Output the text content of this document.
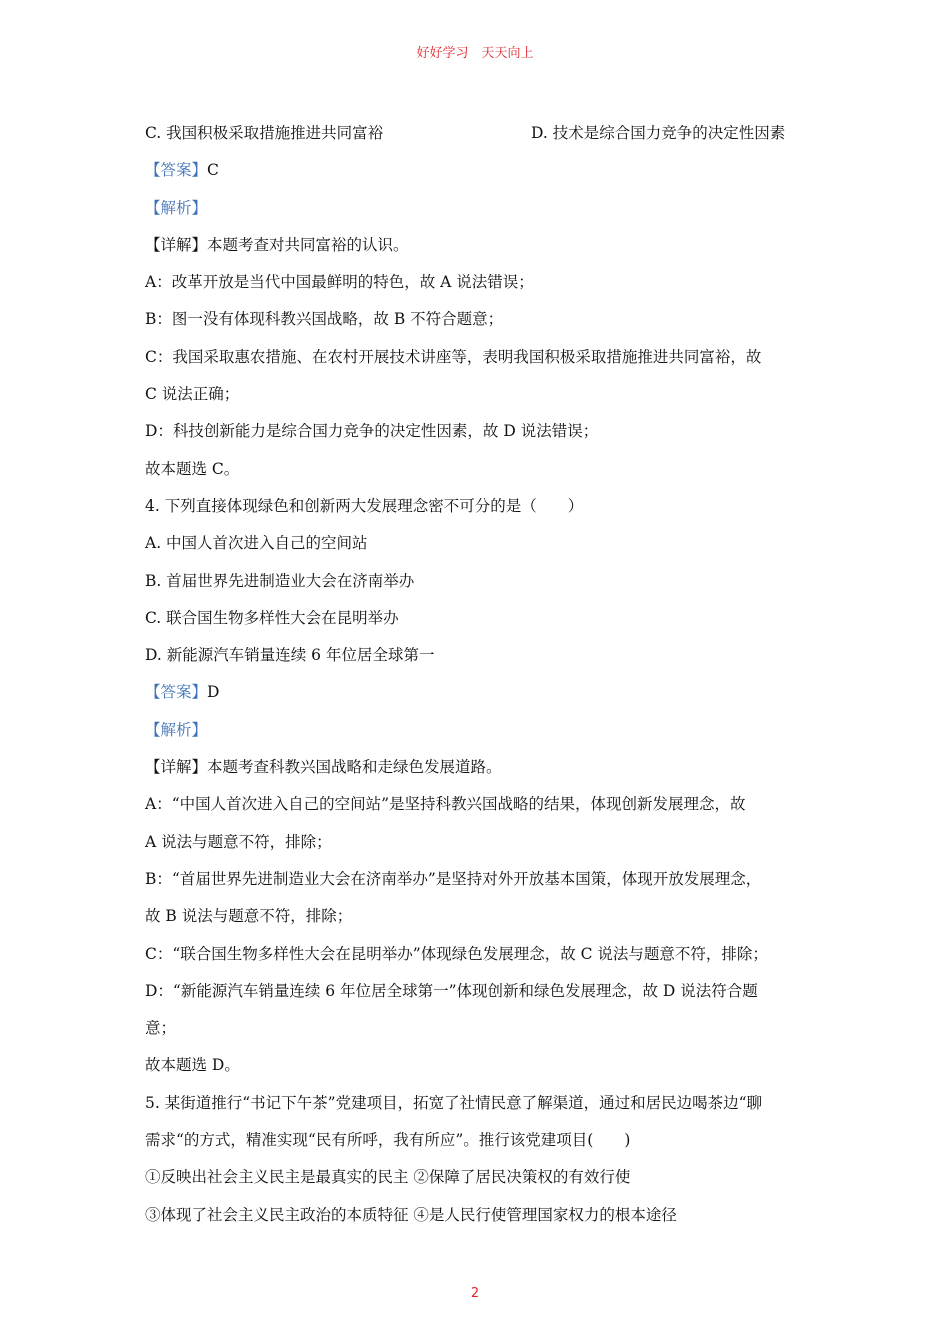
好好学习　天天向上
C. 我国积极采取措施推进共同富裕	D. 技术是综合国力竞争的决定性因素
【答案】C
【解析】
【详解】本题考查对共同富裕的认识。
A：改革开放是当代中国最鲜明的特色，故 A 说法错误；
B：图一没有体现科教兴国战略，故 B 不符合题意；
C：我国采取惠农措施、在农村开展技术讲座等，表明我国积极采取措施推进共同富裕，故
C 说法正确；
D：科技创新能力是综合国力竞争的决定性因素，故 D 说法错误；
故本题选 C。
4. 下列直接体现绿色和创新两大发展理念密不可分的是（　　）
A. 中国人首次进入自己的空间站
B. 首届世界先进制造业大会在济南举办
C. 联合国生物多样性大会在昆明举办
D. 新能源汽车销量连续 6 年位居全球第一
【答案】D
【解析】
【详解】本题考查科教兴国战略和走绿色发展道路。
A：“中国人首次进入自己的空间站”是坚持科教兴国战略的结果，体现创新发展理念，故
A 说法与题意不符，排除；
B：“首届世界先进制造业大会在济南举办”是坚持对外开放基本国策，体现开放发展理念，
故 B 说法与题意不符，排除；
C：“联合国生物多样性大会在昆明举办”体现绿色发展理念，故 C 说法与题意不符，排除；
D：“新能源汽车销量连续 6 年位居全球第一”体现创新和绿色发展理念，故 D 说法符合题
意；
故本题选 D。
5. 某街道推行“书记下午茶”党建项目，拓宽了社情民意了解渠道，通过和居民边喝茶边“聊
需求“的方式，精准实现“民有所呼，我有所应”。推行该党建项目(　　)
①反映出社会主义民主是最真实的民主 ②保障了居民决策权的有效行使
③体现了社会主义民主政治的本质特征 ④是人民行使管理国家权力的根本途径
2
